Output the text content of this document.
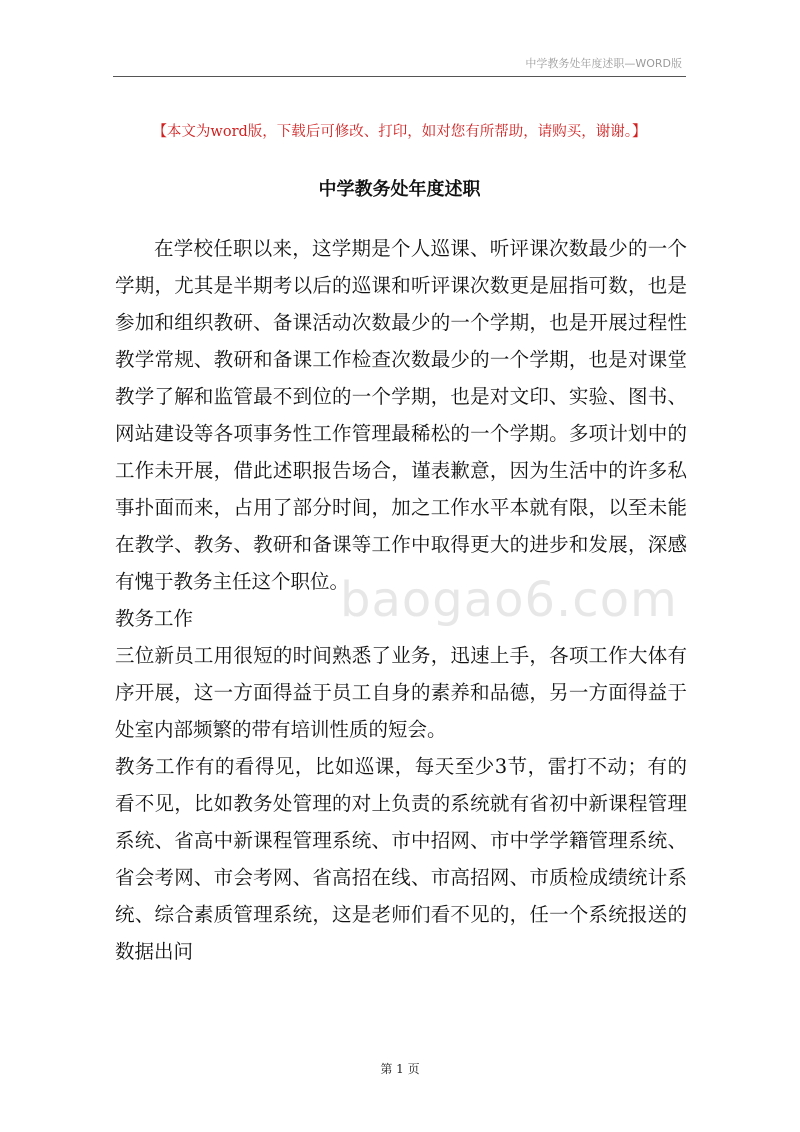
中学教务处年度述职—WORD版
【本文为word版，下载后可修改、打印，如对您有所帮助，请购买，谢谢。】
中学教务处年度述职

在学校任职以来，这学期是个人巡课、听评课次数最少的一个学期，尤其是半期考以后的巡课和听评课次数更是屈指可数，也是参加和组织教研、备课活动次数最少的一个学期，也是开展过程性教学常规、教研和备课工作检查次数最少的一个学期，也是对课堂教学了解和监管最不到位的一个学期，也是对文印、实验、图书、网站建设等各项事务性工作管理最稀松的一个学期。多项计划中的工作未开展，借此述职报告场合，谨表歉意，因为生活中的许多私事扑面而来，占用了部分时间，加之工作水平本就有限，以至未能在教学、教务、教研和备课等工作中取得更大的进步和发展，深感有愧于教务主任这个职位。

教务工作

三位新员工用很短的时间熟悉了业务，迅速上手，各项工作大体有序开展，这一方面得益于员工自身的素养和品德，另一方面得益于处室内部频繁的带有培训性质的短会。

教务工作有的看得见，比如巡课，每天至少3节，雷打不动；有的看不见，比如教务处管理的对上负责的系统就有省初中新课程管理系统、省高中新课程管理系统、市中招网、市中学学籍管理系统、省会考网、市会考网、省高招在线、市高招网、市质检成绩统计系统、综合素质管理系统，这是老师们看不见的，任一个系统报送的数据出问

baogao6.com
第 1 页
